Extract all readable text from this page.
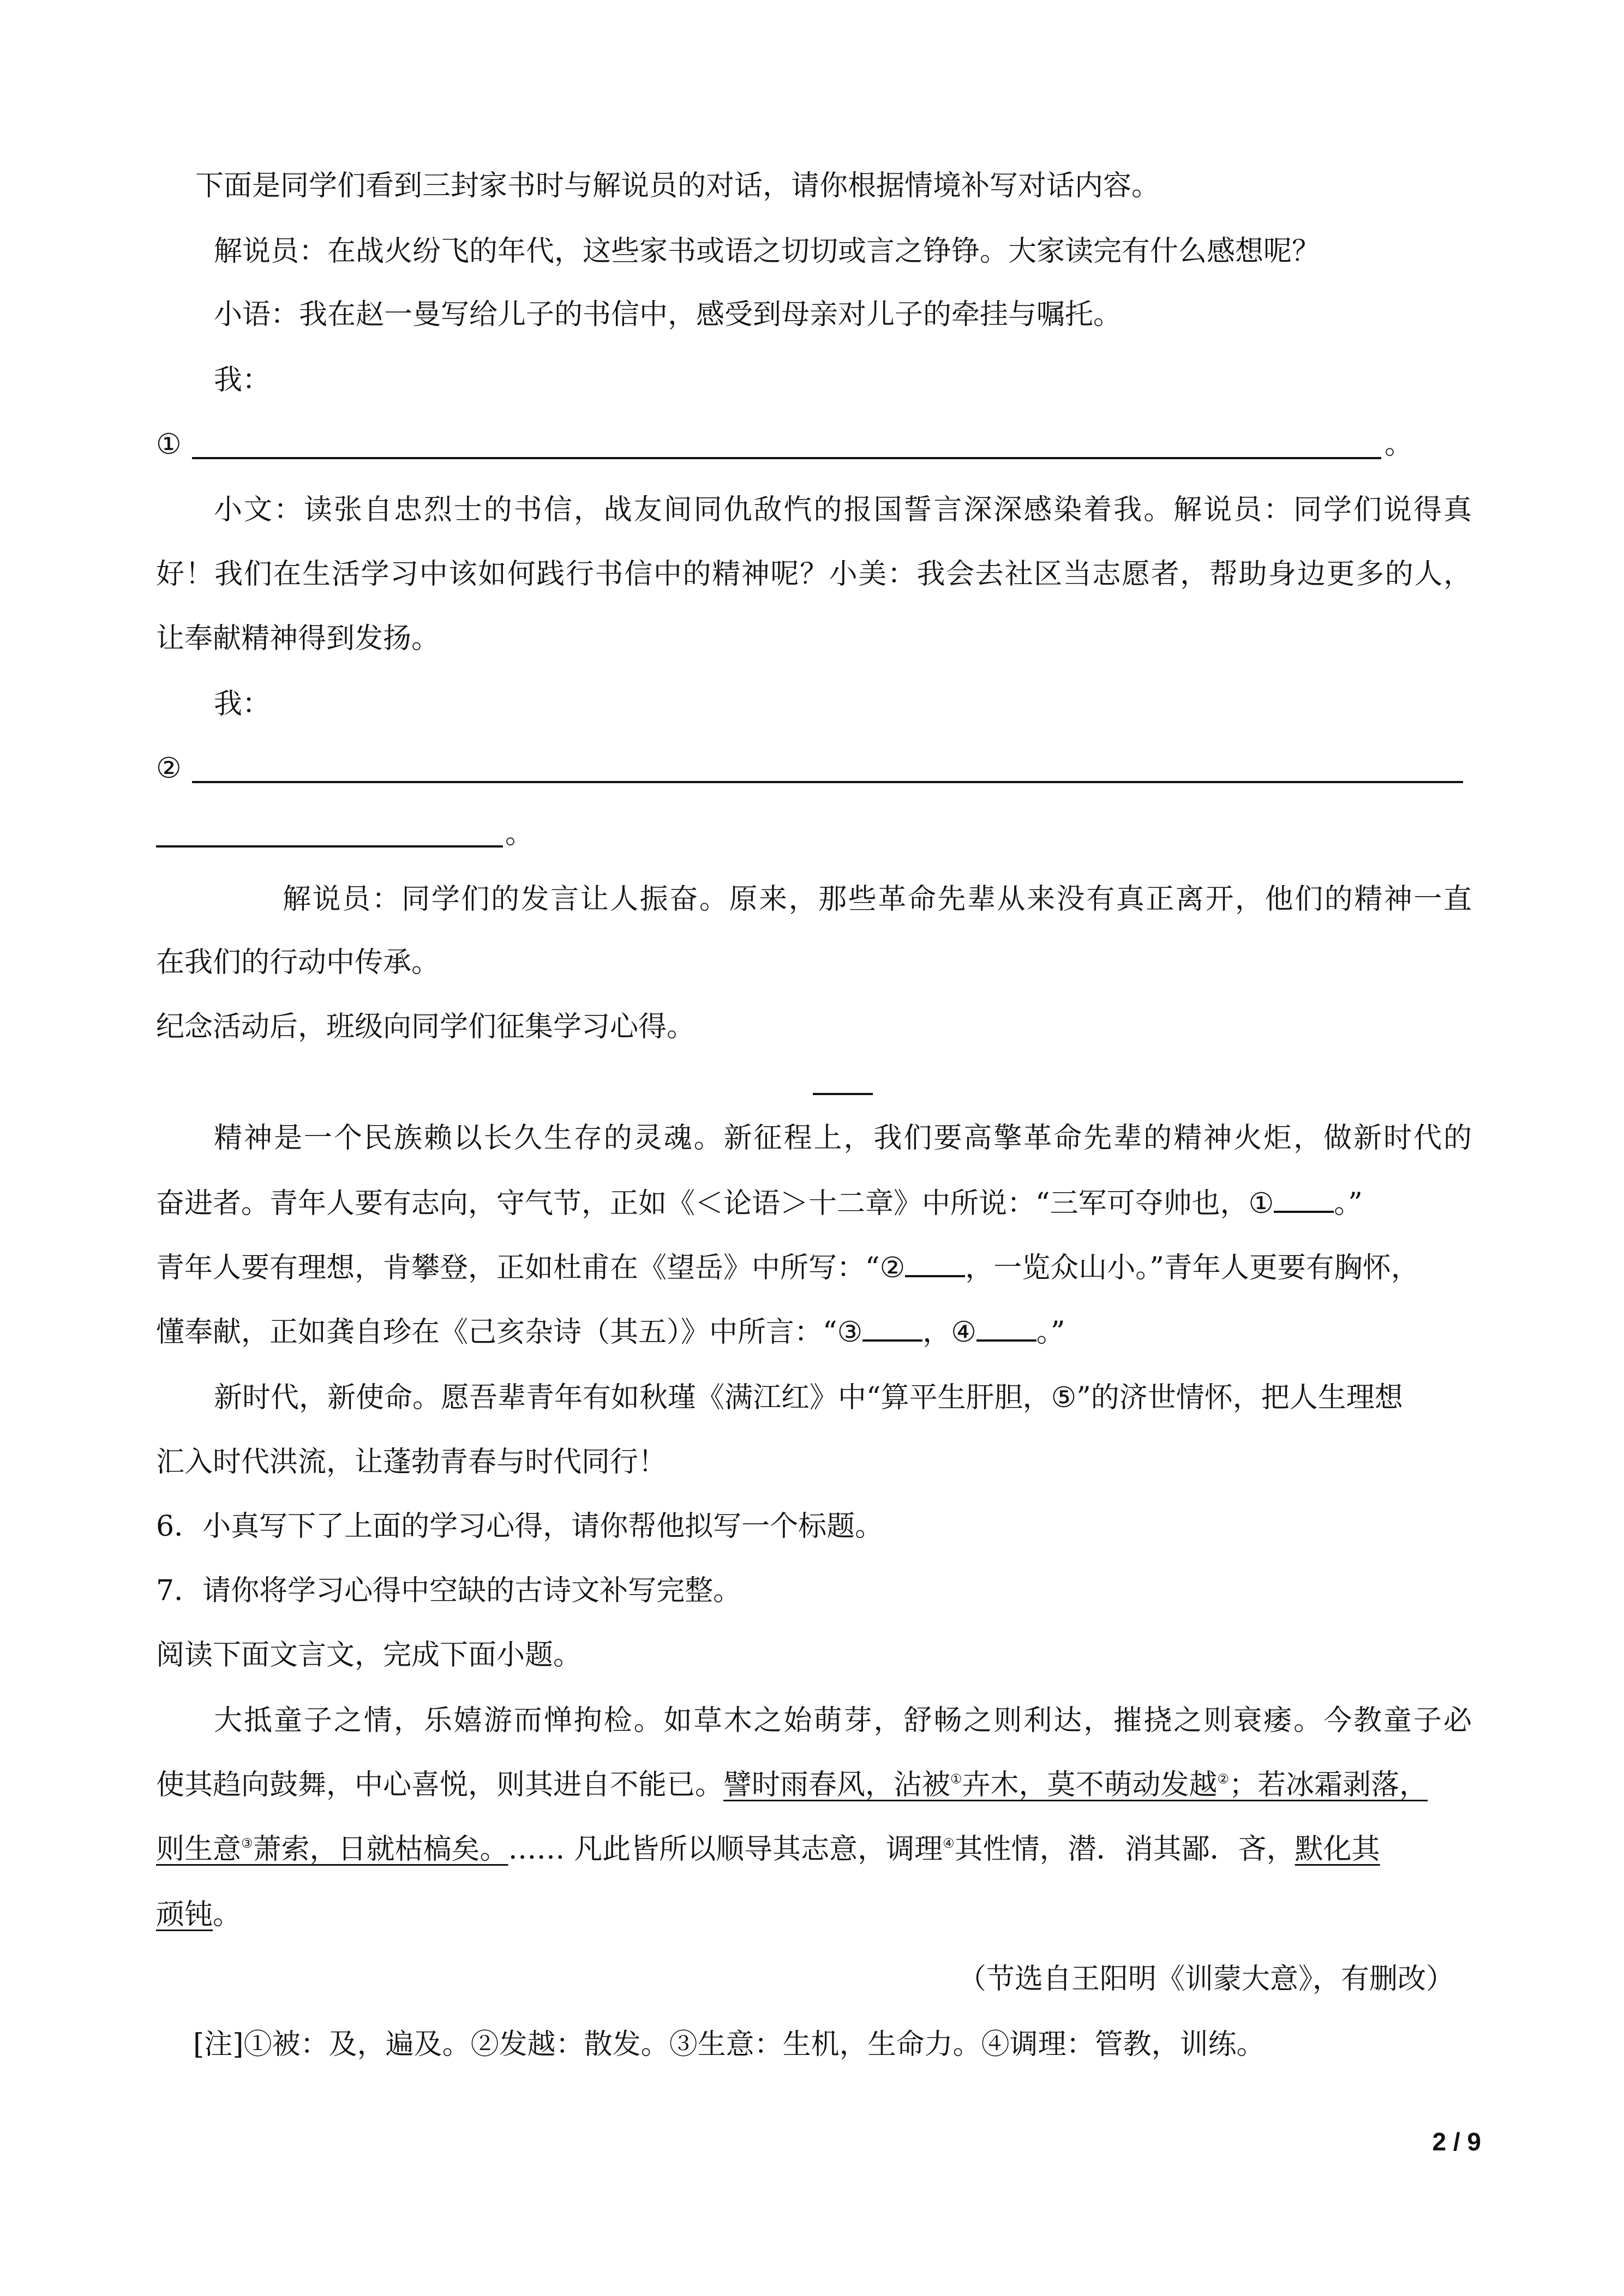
下面是同学们看到三封家书时与解说员的对话，请你根据情境补写对话内容。
解说员：在战火纷飞的年代，这些家书或语之切切或言之铮铮。大家读完有什么感想呢？
小语：我在赵一曼写给儿子的书信中，感受到母亲对儿子的牵挂与嘱托。
我：
①	。
小文：读张自忠烈士的书信，战友间同仇敌忾的报国誓言深深感染着我。解说员：同学们说得真
好！我们在生活学习中该如何践行书信中的精神呢？小美：我会去社区当志愿者，帮助身边更多的人，
让奉献精神得到发扬。
我：
②
。
解说员：同学们的发言让人振奋。原来，那些革命先辈从来没有真正离开，他们的精神一直
在我们的行动中传承。
纪念活动后，班级向同学们征集学习心得。
精神是一个民族赖以长久生存的灵魂。新征程上，我们要高擎革命先辈的精神火炬，做新时代的
奋进者。青年人要有志向，守气节，正如《＜论语＞十二章》中所说：“三军可夺帅也，① 。”
青年人要有理想，肯攀登，正如杜甫在《望岳》中所写：“② ，一览众山小。”青年人更要有胸怀，
懂奉献，正如龚自珍在《己亥杂诗（其五）》中所言：“③ ，④ 。”
新时代，新使命。愿吾辈青年有如秋瑾《满江红》中“算平生肝胆，⑤”的济世情怀，把人生理想
汇入时代洪流，让蓬勃青春与时代同行！
6．小真写下了上面的学习心得，请你帮他拟写一个标题。
7．请你将学习心得中空缺的古诗文补写完整。
阅读下面文言文，完成下面小题。
大抵童子之情，乐嬉游而惮拘检。如草木之始萌芽，舒畅之则利达，摧挠之则衰痿。今教童子必
使其趋向鼓舞，中心喜悦，则其进自不能已。譬时雨春风，沾被①卉木，莫不萌动发越②；若冰霜剥落，
则生意③萧索，日就枯槁矣。…… 凡此皆所以顺导其志意，调理④其性情，潜．消其鄙．吝，默化其
顽钝。
（节选自王阳明《训蒙大意》，有删改）
[注]①被：及，遍及。②发越：散发。③生意：生机，生命力。④调理：管教，训练。
2 / 9
